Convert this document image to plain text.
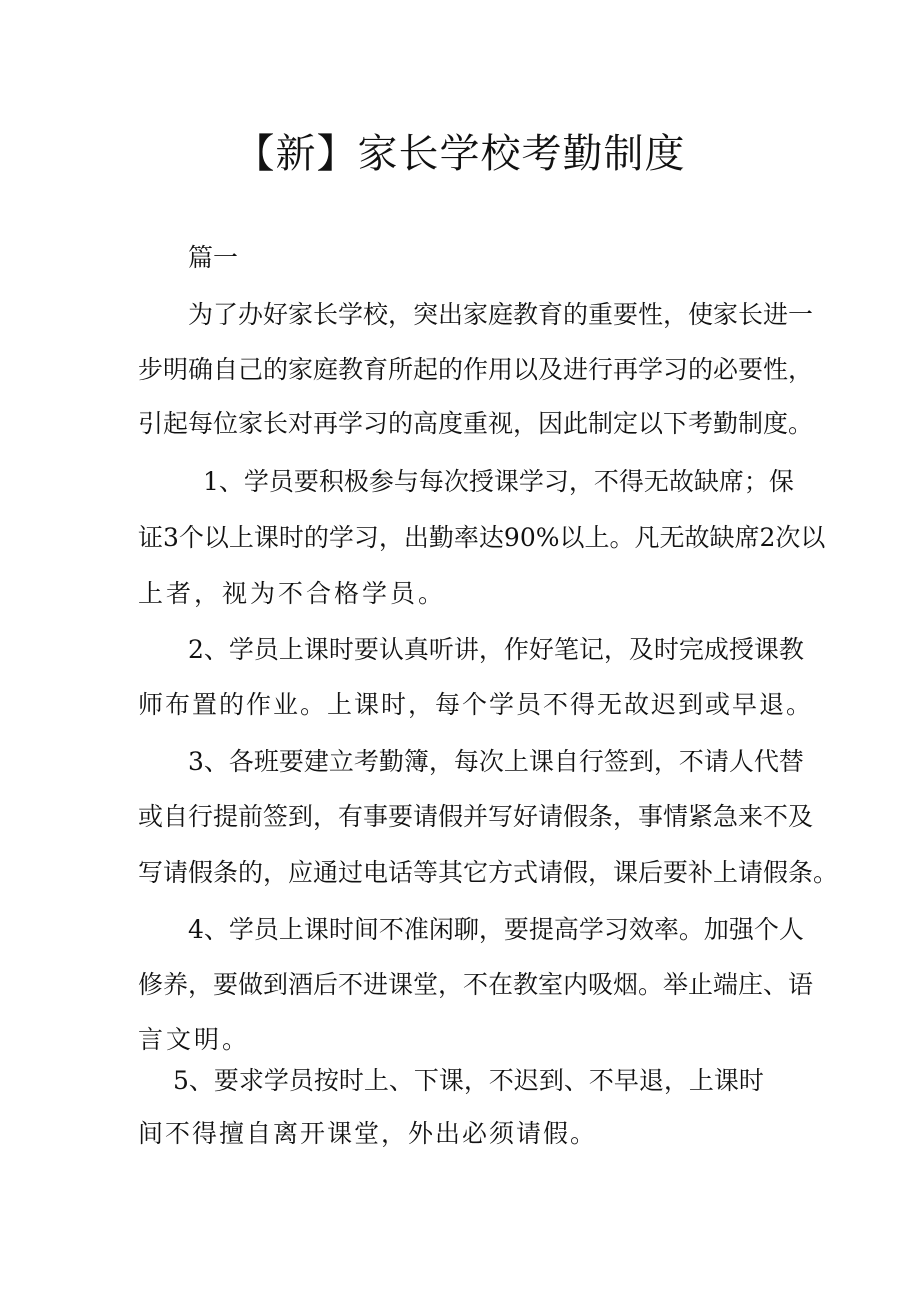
【新】家长学校考勤制度
篇一
为了办好家长学校，突出家庭教育的重要性，使家长进一
步明确自己的家庭教育所起的作用以及进行再学习的必要性，
引起每位家长对再学习的高度重视，因此制定以下考勤制度。
1、学员要积极参与每次授课学习，不得无故缺席；保
证3个以上课时的学习，出勤率达90%以上。凡无故缺席2次以
上者，视为不合格学员。
2、学员上课时要认真听讲，作好笔记，及时完成授课教
师布置的作业。上课时，每个学员不得无故迟到或早退。
3、各班要建立考勤簿，每次上课自行签到，不请人代替
或自行提前签到，有事要请假并写好请假条，事情紧急来不及
写请假条的，应通过电话等其它方式请假，课后要补上请假条。
4、学员上课时间不准闲聊，要提高学习效率。加强个人
修养，要做到酒后不进课堂，不在教室内吸烟。举止端庄、语
言文明。
5、要求学员按时上、下课，不迟到、不早退，上课时
间不得擅自离开课堂，外出必须请假。
